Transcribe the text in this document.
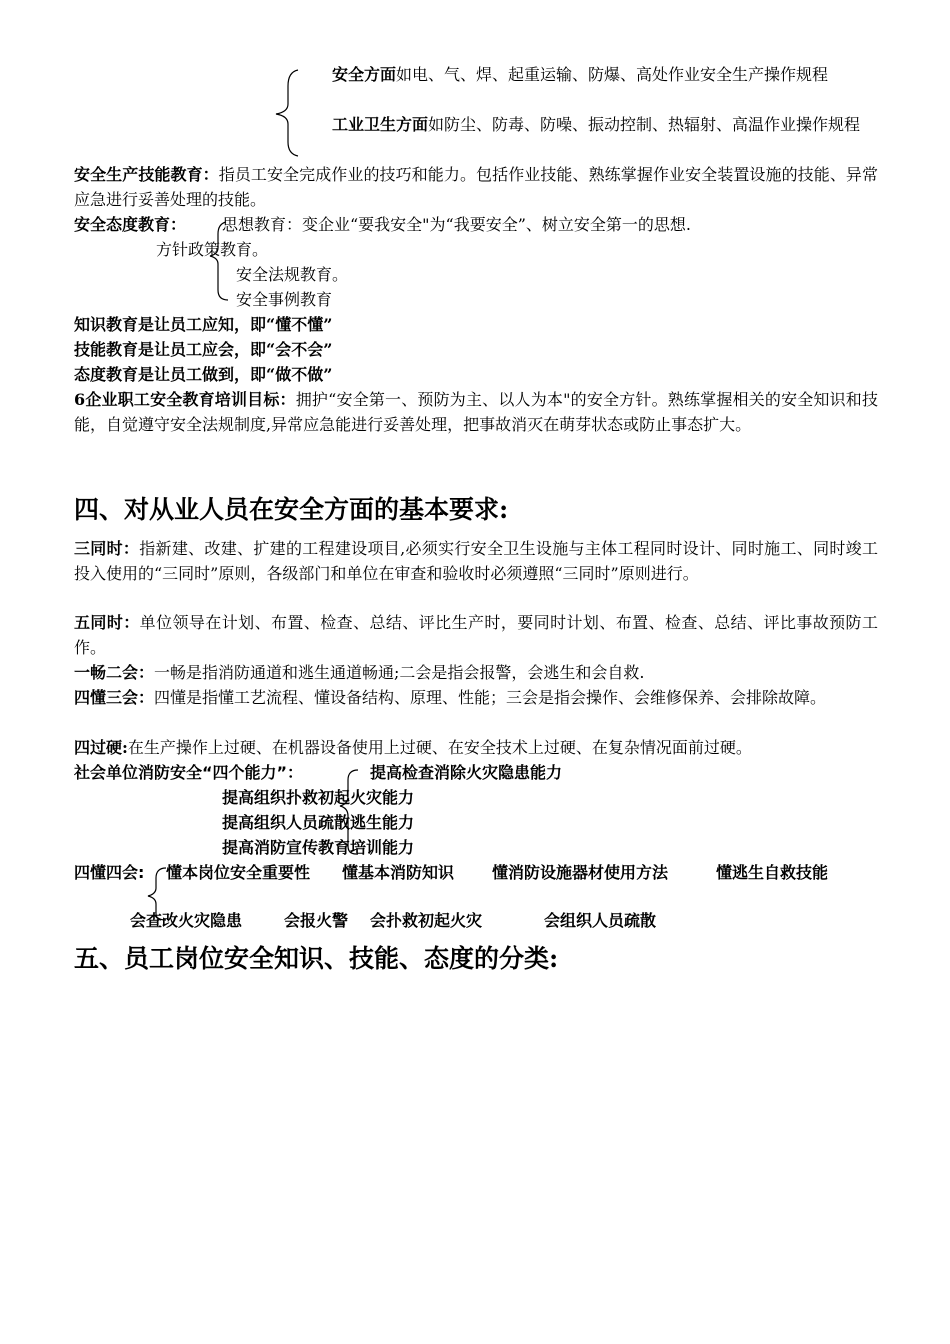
安全方面如电、气、焊、起重运输、防爆、高处作业安全生产操作规程
工业卫生方面如防尘、防毒、防噪、振动控制、热辐射、高温作业操作规程
安全生产技能教育：指员工安全完成作业的技巧和能力。包括作业技能、熟练掌握作业安全装置设施的技能、异常应急进行妥善处理的技能。
安全态度教育： 思想教育：变企业“要我安全"为“我要安全”、树立安全第一的思想.
方针政策教育。
安全法规教育。
安全事例教育
知识教育是让员工应知，即“懂不懂”
技能教育是让员工应会，即“会不会”
态度教育是让员工做到，即“做不做”
6企业职工安全教育培训目标：拥护“安全第一、预防为主、以人为本"的安全方针。熟练掌握相关的安全知识和技能，自觉遵守安全法规制度,异常应急能进行妥善处理，把事故消灭在萌芽状态或防止事态扩大。
四、对从业人员在安全方面的基本要求:
三同时：指新建、改建、扩建的工程建设项目,必须实行安全卫生设施与主体工程同时设计、同时施工、同时竣工投入使用的“三同时”原则，各级部门和单位在审查和验收时必须遵照“三同时”原则进行。
五同时：单位领导在计划、布置、检查、总结、评比生产时，要同时计划、布置、检查、总结、评比事故预防工作。
一畅二会：一畅是指消防通道和逃生通道畅通;二会是指会报警，会逃生和会自救.
四懂三会：四懂是指懂工艺流程、懂设备结构、原理、性能；三会是指会操作、会维修保养、会排除故障。
四过硬:在生产操作上过硬、在机器设备使用上过硬、在安全技术上过硬、在复杂情况面前过硬。
社会单位消防安全“四个能力”：	提高检查消除火灾隐患能力
提高组织扑救初起火灾能力
提高组织人员疏散逃生能力
提高消防宣传教育培训能力
四懂四会: 懂本岗位安全重要性 懂基本消防知识 懂消防设施器材使用方法	懂逃生自救技能
会查改火灾隐患	会报火警 会扑救初起火灾	会组织人员疏散
五、员工岗位安全知识、技能、态度的分类:
